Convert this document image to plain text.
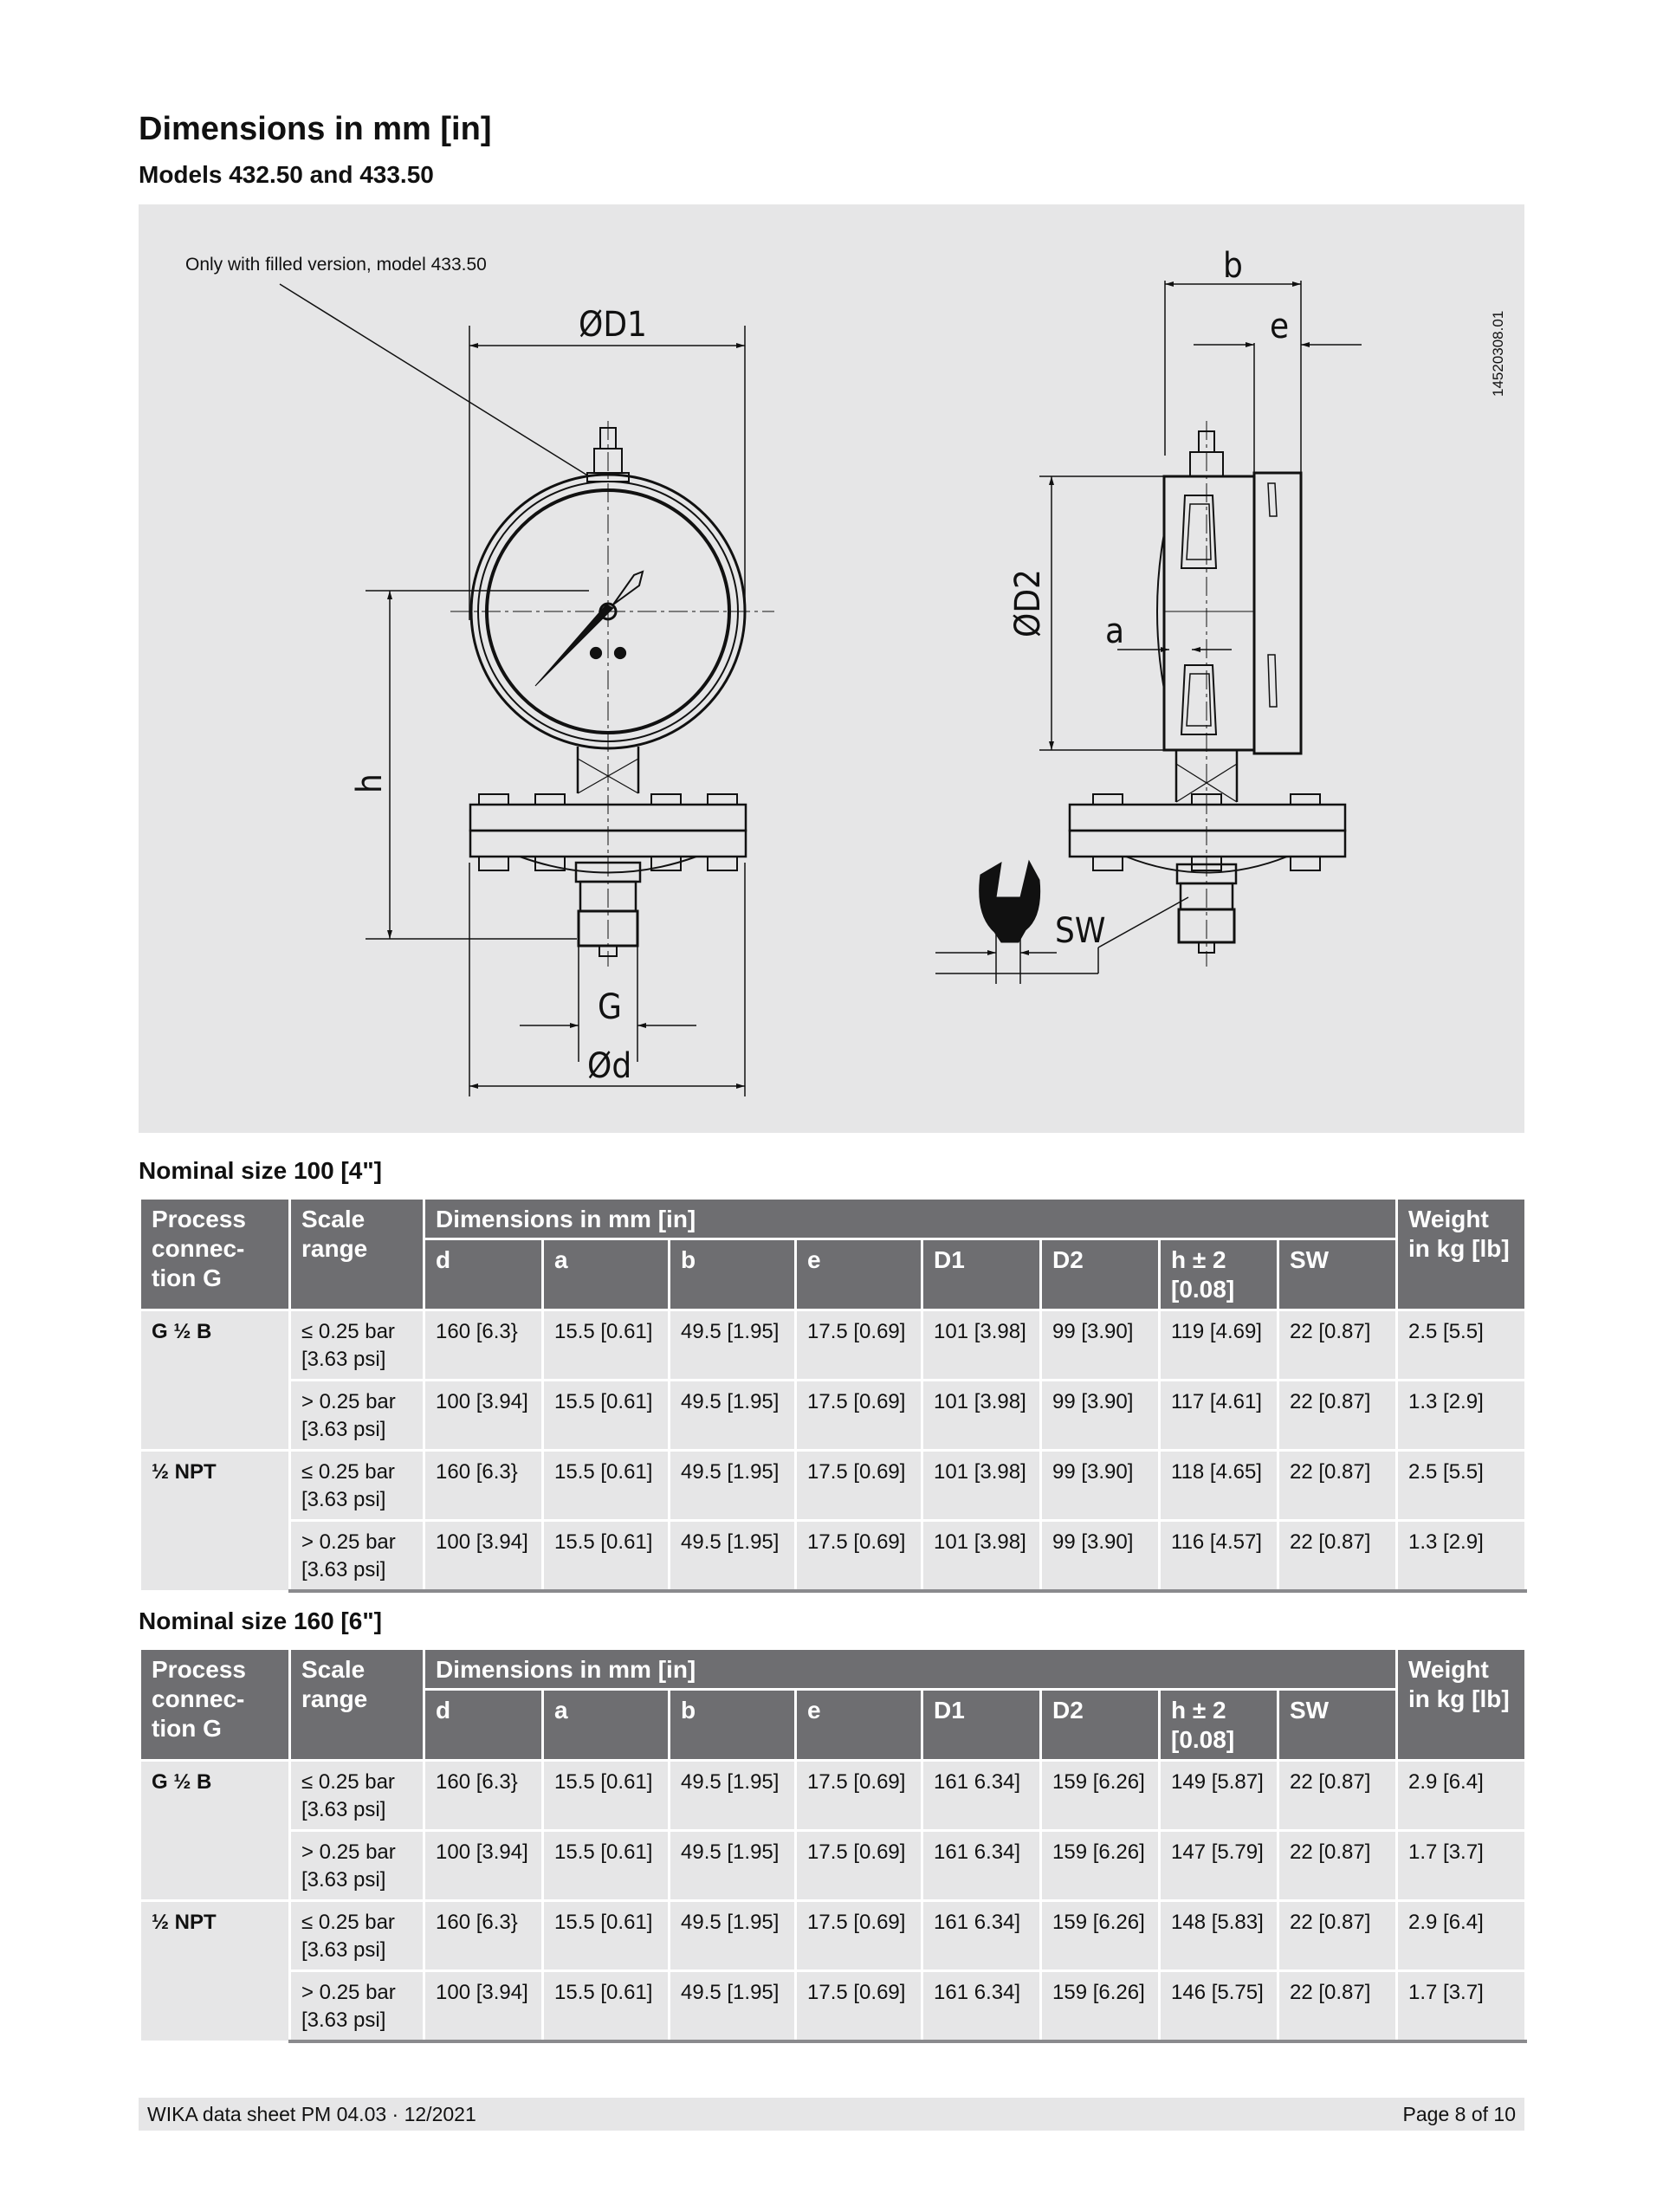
Dimensions in mm [in]
Models 432.50 and 433.50
Only with filled version, model 433.50
14520308.01
ØD1
b
e
ØD2 a
h
G
Ød
SW
Nominal size 100 [4"]
Process connec-tion G	Scale range	Dimensions in mm [in]								Weight in kg [lb]
		d	a	b	e	D1	D2	h ± 2 [0.08]	SW	
G ½ B	≤ 0.25 bar [3.63 psi]	160 [6.3}	15.5 [0.61]	49.5 [1.95]	17.5 [0.69]	101 [3.98]	99 [3.90]	119 [4.69]	22 [0.87]	2.5 [5.5]
	> 0.25 bar [3.63 psi]	100 [3.94]	15.5 [0.61]	49.5 [1.95]	17.5 [0.69]	101 [3.98]	99 [3.90]	117 [4.61]	22 [0.87]	1.3 [2.9]
½ NPT	≤ 0.25 bar [3.63 psi]	160 [6.3}	15.5 [0.61]	49.5 [1.95]	17.5 [0.69]	101 [3.98]	99 [3.90]	118 [4.65]	22 [0.87]	2.5 [5.5]
	> 0.25 bar [3.63 psi]	100 [3.94]	15.5 [0.61]	49.5 [1.95]	17.5 [0.69]	101 [3.98]	99 [3.90]	116 [4.57]	22 [0.87]	1.3 [2.9]
Nominal size 160 [6"]
Process connec-tion G	Scale range	Dimensions in mm [in]								Weight in kg [lb]
		d	a	b	e	D1	D2	h ± 2 [0.08]	SW	
G ½ B	≤ 0.25 bar [3.63 psi]	160 [6.3}	15.5 [0.61]	49.5 [1.95]	17.5 [0.69]	161 6.34]	159 [6.26]	149 [5.87]	22 [0.87]	2.9 [6.4]
	> 0.25 bar [3.63 psi]	100 [3.94]	15.5 [0.61]	49.5 [1.95]	17.5 [0.69]	161 6.34]	159 [6.26]	147 [5.79]	22 [0.87]	1.7 [3.7]
½ NPT	≤ 0.25 bar [3.63 psi]	160 [6.3}	15.5 [0.61]	49.5 [1.95]	17.5 [0.69]	161 6.34]	159 [6.26]	148 [5.83]	22 [0.87]	2.9 [6.4]
	> 0.25 bar [3.63 psi]	100 [3.94]	15.5 [0.61]	49.5 [1.95]	17.5 [0.69]	161 6.34]	159 [6.26]	146 [5.75]	22 [0.87]	1.7 [3.7]
WIKA data sheet PM 04.03 · 12/2021	Page 8 of 10
